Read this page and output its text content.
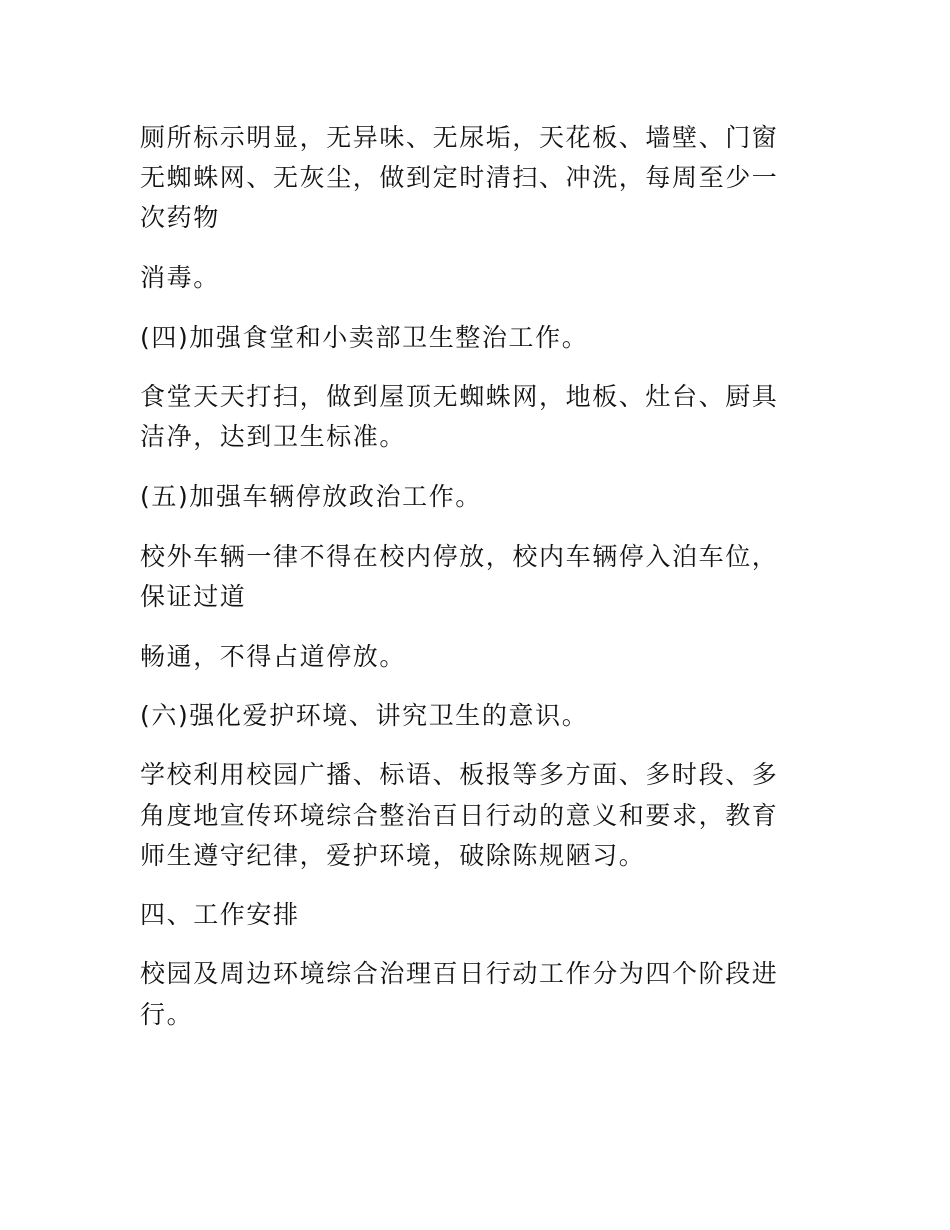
厕所标示明显，无异味、无尿垢，天花板、墙壁、门窗
无蜘蛛网、无灰尘，做到定时清扫、冲洗，每周至少一
次药物
消毒。
(四)加强食堂和小卖部卫生整治工作。
食堂天天打扫，做到屋顶无蜘蛛网，地板、灶台、厨具
洁净，达到卫生标准。
(五)加强车辆停放政治工作。
校外车辆一律不得在校内停放，校内车辆停入泊车位，
保证过道
畅通，不得占道停放。
(六)强化爱护环境、讲究卫生的意识。
学校利用校园广播、标语、板报等多方面、多时段、多
角度地宣传环境综合整治百日行动的意义和要求，教育
师生遵守纪律，爱护环境，破除陈规陋习。
四、工作安排
校园及周边环境综合治理百日行动工作分为四个阶段进
行。
